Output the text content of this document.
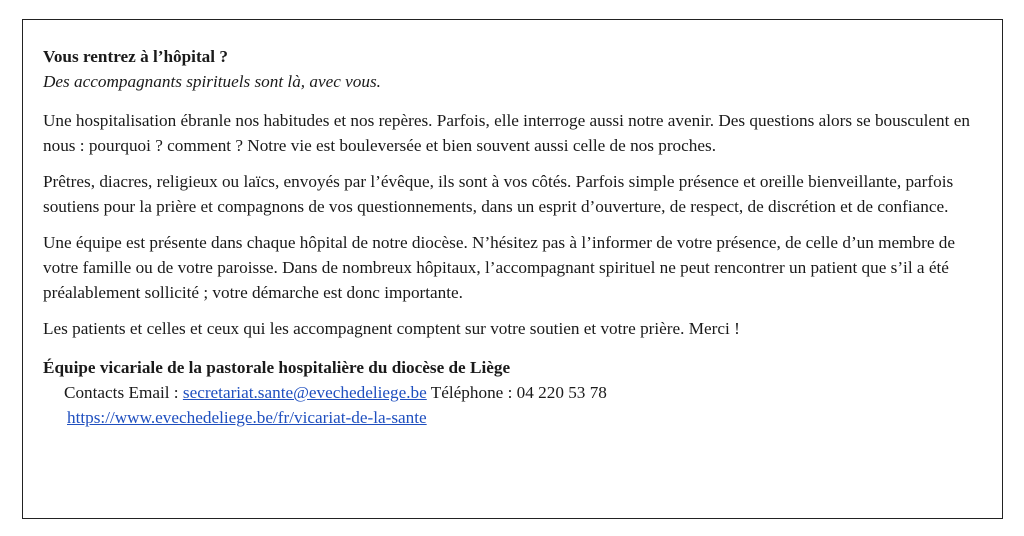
Vous rentrez à l’hôpital ?

Des accompagnants spirituels sont là, avec vous.

Une hospitalisation ébranle nos habitudes et nos repères. Parfois, elle interroge aussi notre avenir. Des questions alors se bousculent en nous : pourquoi ? comment ? Notre vie est bouleversée et bien souvent aussi celle de nos proches.

Prêtres, diacres, religieux ou laïcs, envoyés par l’évêque, ils sont à vos côtés. Parfois simple présence et oreille bienveillante, parfois soutiens pour la prière et compagnons de vos questionnements, dans un esprit d’ouverture, de respect, de discrétion et de confiance.

Une équipe est présente dans chaque hôpital de notre diocèse. N’hésitez pas à l’informer de votre présence, de celle d’un membre de votre famille ou de votre paroisse. Dans de nombreux hôpitaux, l’accompagnant spirituel ne peut rencontrer un patient que s’il a été préalablement sollicité ; votre démarche est donc importante.

Les patients et celles et ceux qui les accompagnent comptent sur votre soutien et votre prière. Merci !

Équipe vicariale de la pastorale hospitalière du diocèse de Liège

Contacts Email : secretariat.sante@evechedeliege.be Téléphone : 04 220 53 78

https://www.evechedeliege.be/fr/vicariat-de-la-sante
